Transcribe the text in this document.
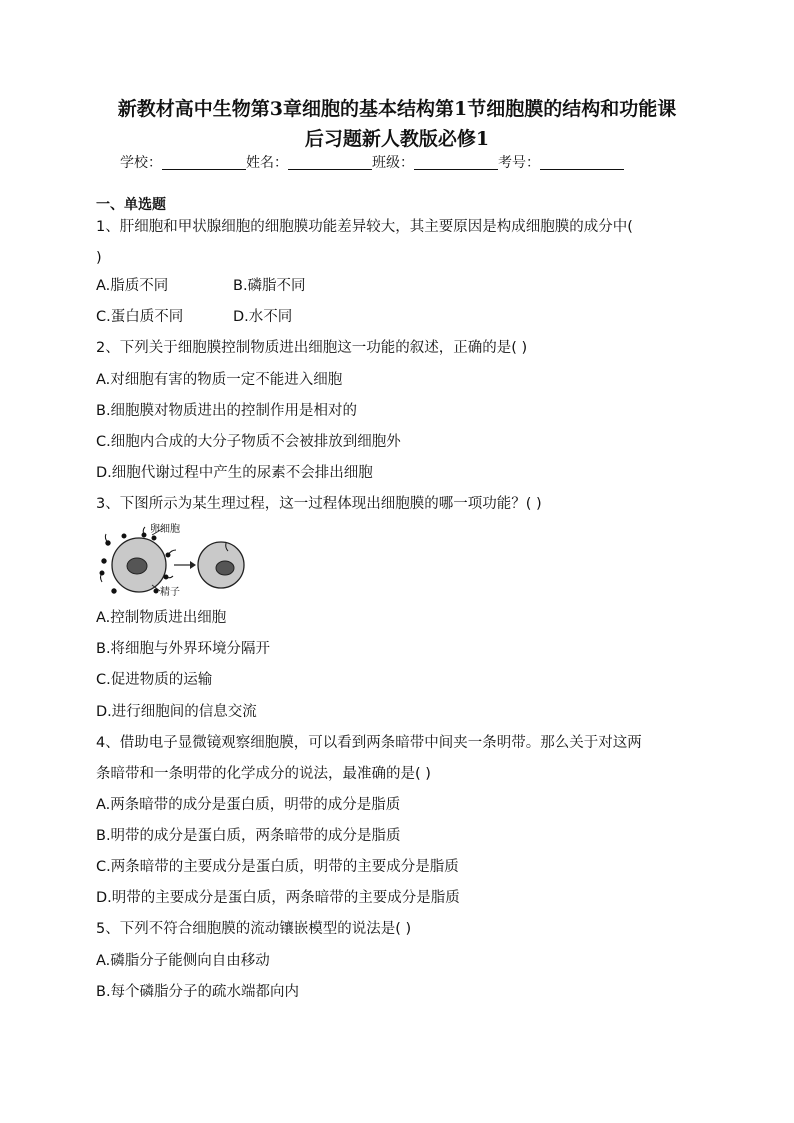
新教材高中生物第3章细胞的基本结构第1节细胞膜的结构和功能课
后习题新人教版必修1
学校：	姓名：	班级：	考号：
一、单选题
1、肝细胞和甲状腺细胞的细胞膜功能差异较大，其主要原因是构成细胞膜的成分中(
)
A.脂质不同	B.磷脂不同
C.蛋白质不同	D.水不同
2、下列关于细胞膜控制物质进出细胞这一功能的叙述，正确的是( )
A.对细胞有害的物质一定不能进入细胞
B.细胞膜对物质进出的控制作用是相对的
C.细胞内合成的大分子物质不会被排放到细胞外
D.细胞代谢过程中产生的尿素不会排出细胞
3、下图所示为某生理过程，这一过程体现出细胞膜的哪一项功能？( )
卵细胞
精子
A.控制物质进出细胞
B.将细胞与外界环境分隔开
C.促进物质的运输
D.进行细胞间的信息交流
4、借助电子显微镜观察细胞膜，可以看到两条暗带中间夹一条明带。那么关于对这两
条暗带和一条明带的化学成分的说法，最准确的是( )
A.两条暗带的成分是蛋白质，明带的成分是脂质
B.明带的成分是蛋白质，两条暗带的成分是脂质
C.两条暗带的主要成分是蛋白质，明带的主要成分是脂质
D.明带的主要成分是蛋白质，两条暗带的主要成分是脂质
5、下列不符合细胞膜的流动镶嵌模型的说法是( )
A.磷脂分子能侧向自由移动
B.每个磷脂分子的疏水端都向内
